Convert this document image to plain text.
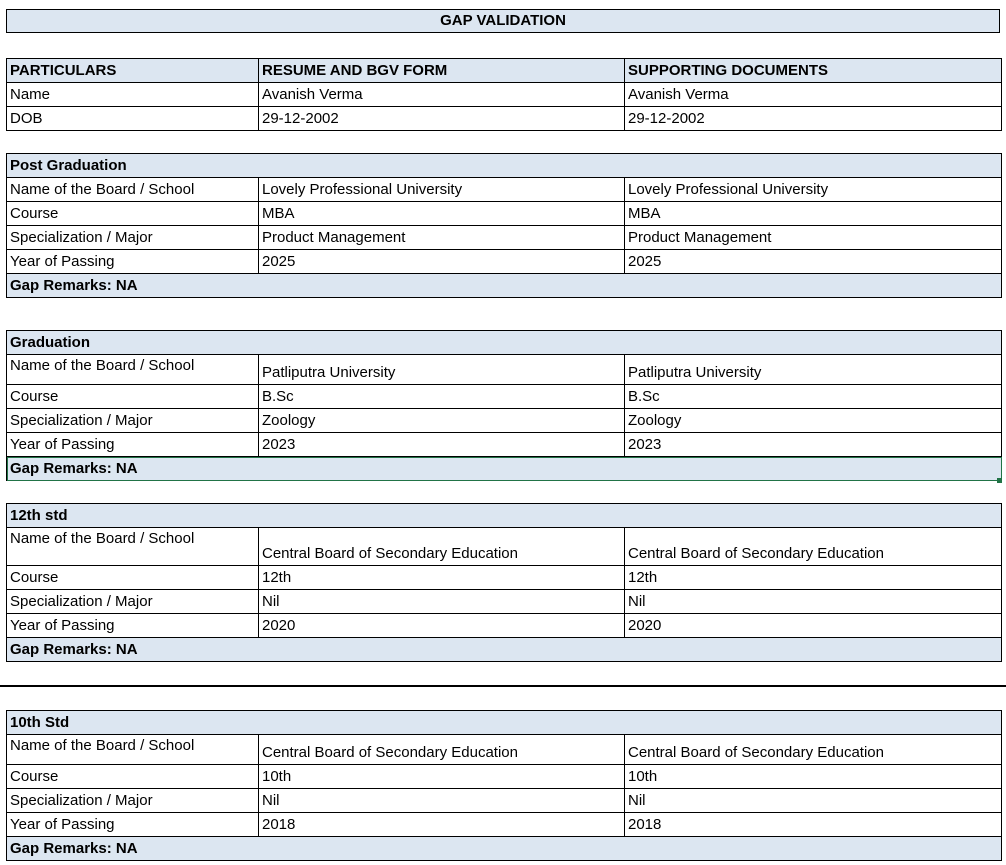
GAP VALIDATION
PARTICULARS	RESUME AND BGV FORM	SUPPORTING DOCUMENTS
Name	Avanish Verma	Avanish Verma
DOB	29-12-2002	29-12-2002
Post Graduation		
Name of the Board / School	Lovely Professional University	Lovely Professional University
Course	MBA	MBA
Specialization / Major	Product Management	Product Management
Year of Passing	2025	2025
Gap Remarks: NA		
Graduation		
Name of the Board / School	Patliputra University	Patliputra University
Course	B.Sc	B.Sc
Specialization / Major	Zoology	Zoology
Year of Passing	2023	2023
Gap Remarks: NA		
12th std		
Name of the Board / School	Central Board of Secondary Education	Central Board of Secondary Education
Course	12th	12th
Specialization / Major	Nil	Nil
Year of Passing	2020	2020
Gap Remarks: NA		
10th Std		
Name of the Board / School	Central Board of Secondary Education	Central Board of Secondary Education
Course	10th	10th
Specialization / Major	Nil	Nil
Year of Passing	2018	2018
Gap Remarks: NA		
